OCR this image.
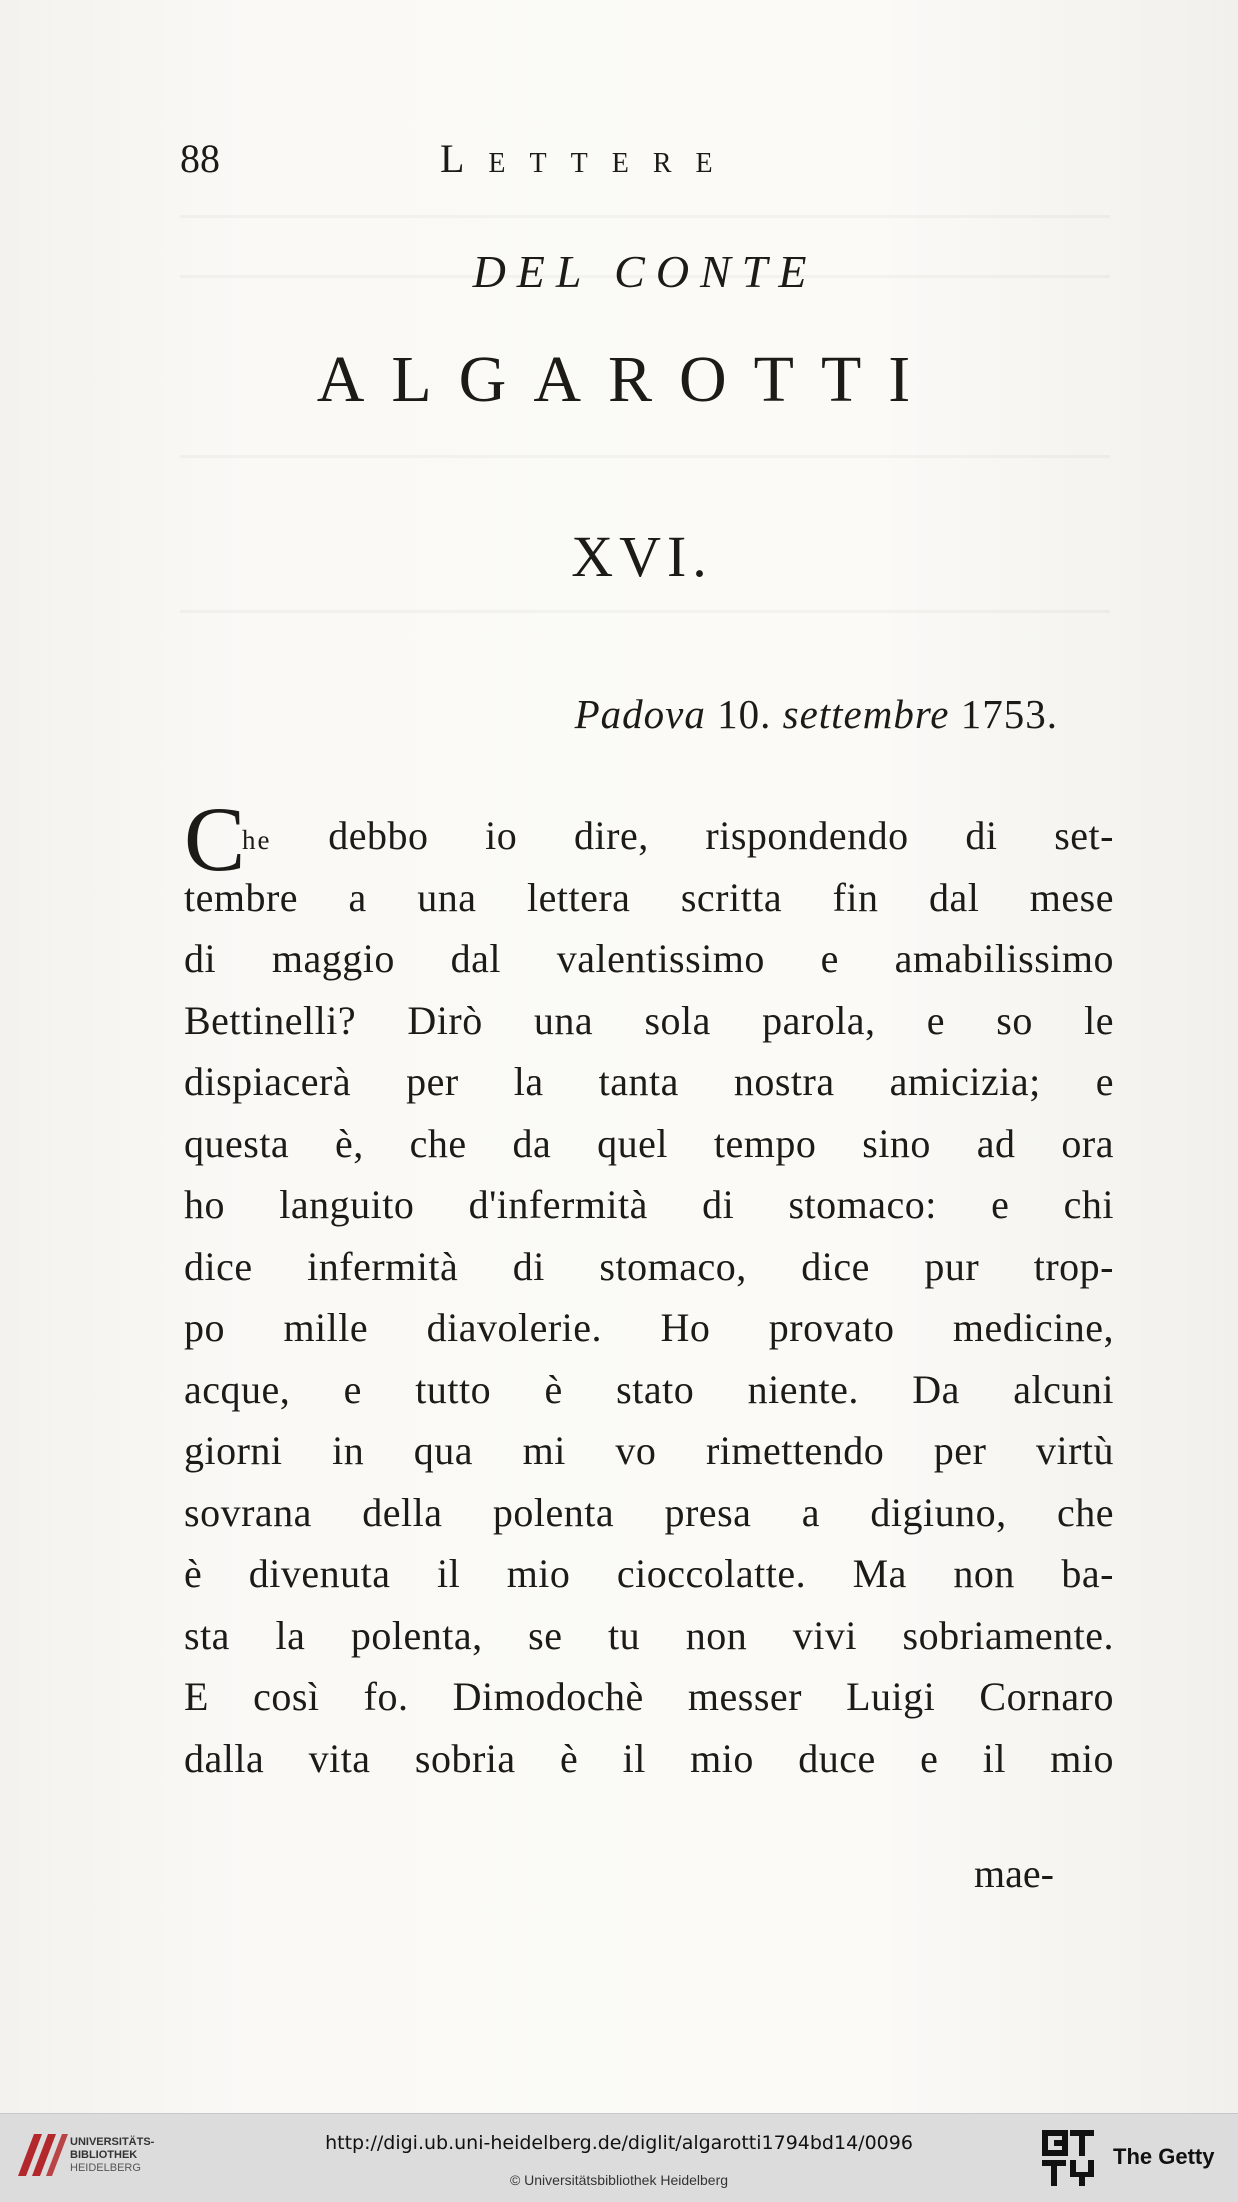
88	Lettere
DEL CONTE
ALGAROTTI
XVI.
Padova 10. settembre 1753.
C
he debbo io dire, rispondendo di set-
tembre a una lettera scritta fin dal mese
di maggio dal valentissimo e amabilissimo
Bettinelli? Dirò una sola parola, e so le
dispiacerà per la tanta nostra amicizia; e
questa è, che da quel tempo sino ad ora
ho languito d'infermità di stomaco: e chi
dice infermità di stomaco, dice pur trop-
po mille diavolerie. Ho provato medicine,
acque, e tutto è stato niente. Da alcuni
giorni in qua mi vo rimettendo per virtù
sovrana della polenta presa a digiuno, che
è divenuta il mio cioccolatte. Ma non ba-
sta la polenta, se tu non vivi sobriamente.
E così fo. Dimodochè messer Luigi Cornaro
dalla vita sobria è il mio duce e il mio
mae-
UNIVERSITÄTS-
BIBLIOTHEK
HEIDELBERG
http://digi.ub.uni-heidelberg.de/diglit/algarotti1794bd14/0096
© Universitätsbibliothek Heidelberg
The Getty
